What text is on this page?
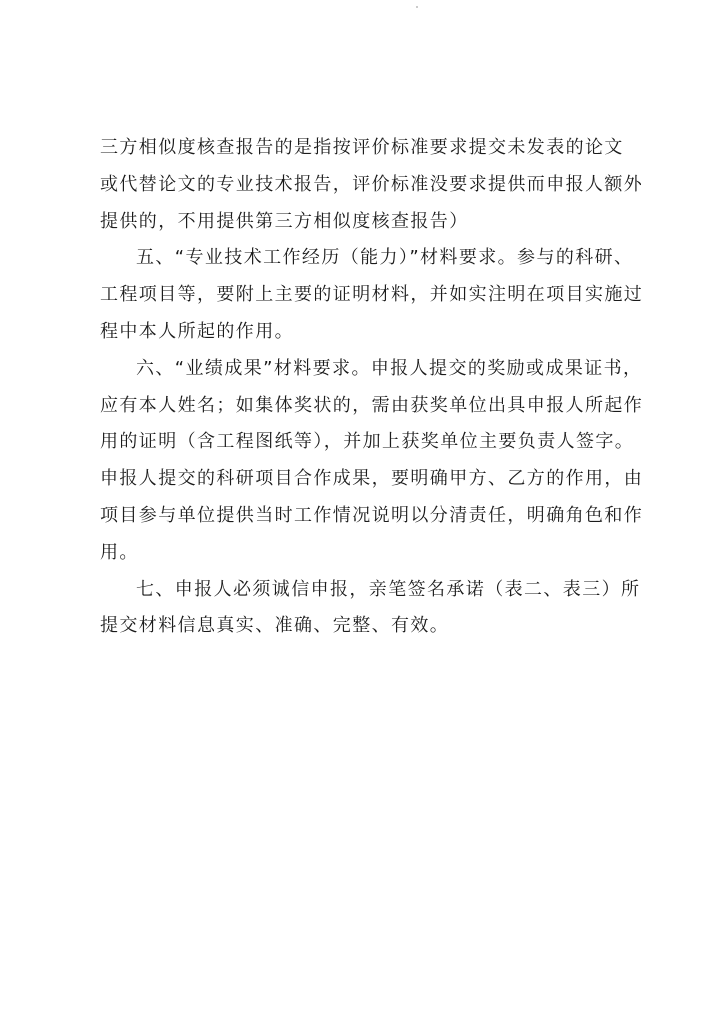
三方相似度核查报告的是指按评价标准要求提交未发表的论文
或代替论文的专业技术报告，评价标准没要求提供而申报人额外
提供的，不用提供第三方相似度核查报告）
五、“专业技术工作经历（能力）”材料要求。参与的科研、
工程项目等，要附上主要的证明材料，并如实注明在项目实施过
程中本人所起的作用。
六、“业绩成果”材料要求。申报人提交的奖励或成果证书，
应有本人姓名；如集体奖状的，需由获奖单位出具申报人所起作
用的证明（含工程图纸等），并加上获奖单位主要负责人签字。
申报人提交的科研项目合作成果，要明确甲方、乙方的作用，由
项目参与单位提供当时工作情况说明以分清责任，明确角色和作
用。
七、申报人必须诚信申报，亲笔签名承诺（表二、表三）所
提交材料信息真实、准确、完整、有效。
